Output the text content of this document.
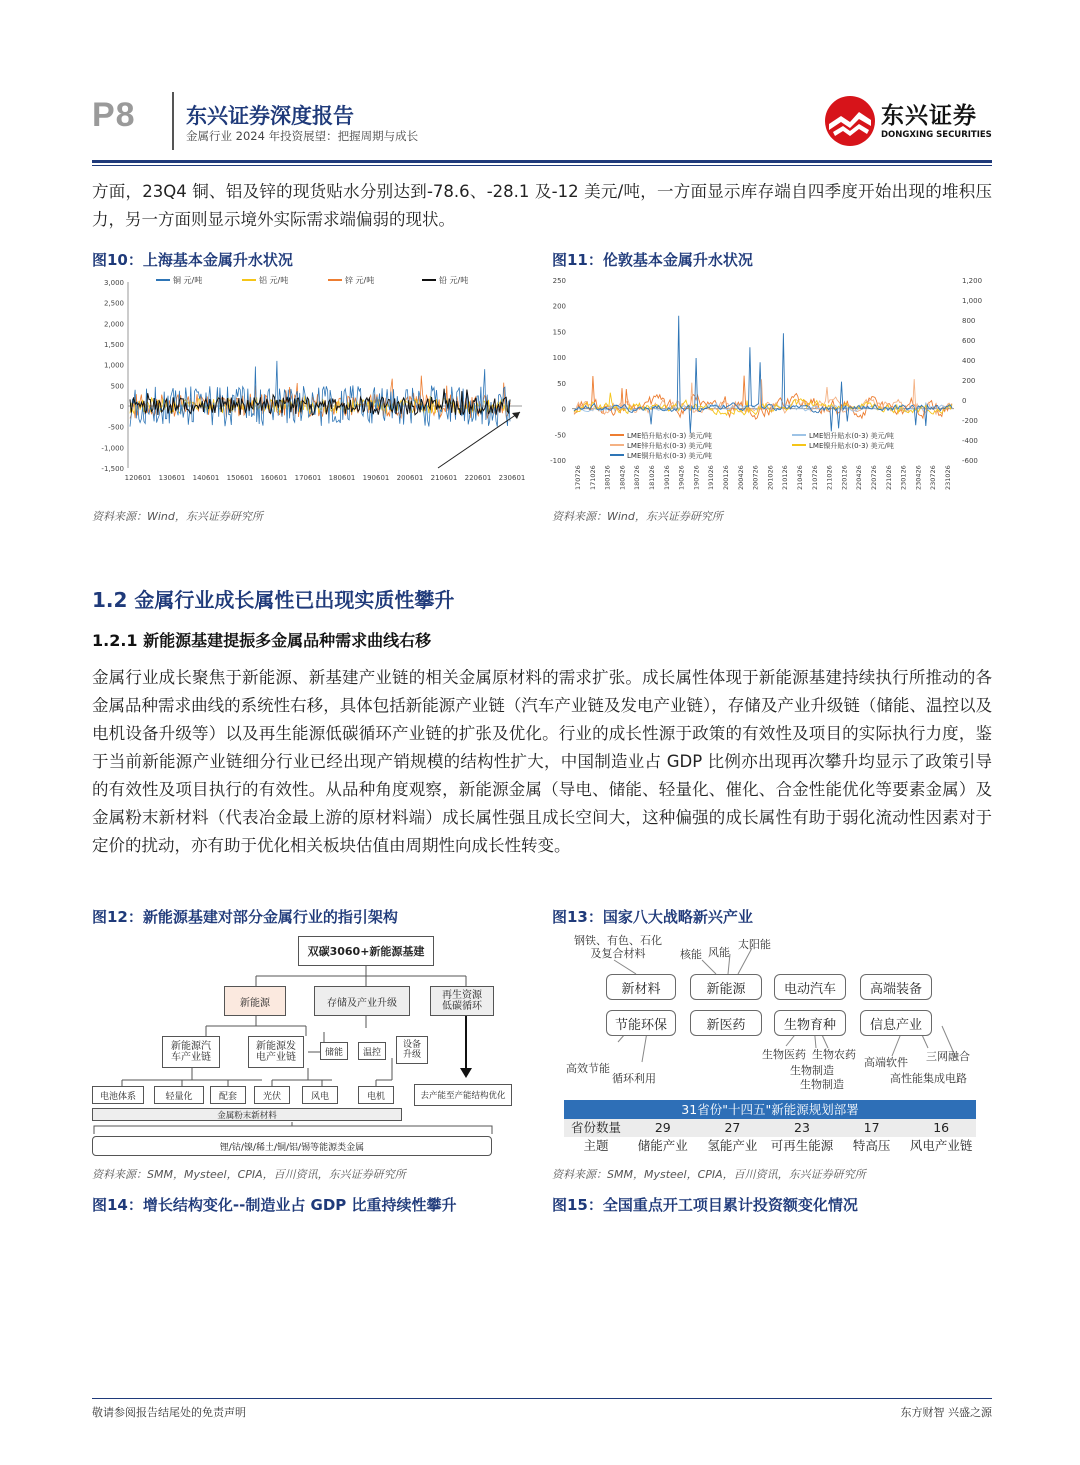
P8 东兴证券深度报告
金属行业 2024 年投资展望：把握周期与成长
东兴证券
DONGXING SECURITIES
方面，23Q4 铜、铝及锌的现货贴水分别达到-78.6、-28.1 及-12 美元/吨，一方面显示库存端自四季度开始出现的堆积压力，另一方面则显示境外实际需求端偏弱的现状。
图10：上海基本金属升水状况
3,000
2,500
2,000
1,500
1,000
500
0
-500
-1,000
-1,500
120601 130601 140601 150601 160601 170601 180601 190601 200601 210601 220601 230601
铜 元/吨	铝 元/吨	锌 元/吨	铅 元/吨
资料来源：Wind，东兴证券研究所
图11：伦敦基本金属升水状况
250
200
150
100
50
0
-50
-100
1,200
1,000
800
600
400
200
0
-200
-400
-600
170726 171026 180126 180426 180726 181026 190126 190426 190726 191026 200126 200426 200726 201026 210126 210426 210726 211026 220126 220426 220726 221026 230126 230426 230726 231026
LME铅升贴水(0-3) 美元/吨	LME铝升贴水(0-3) 美元/吨
LME锌升贴水(0-3) 美元/吨	LME镍升贴水(0-3) 美元/吨
LME铜升贴水(0-3) 美元/吨
资料来源：Wind，东兴证券研究所
1.2 金属行业成长属性已出现实质性攀升
1.2.1 新能源基建提振多金属品种需求曲线右移
金属行业成长聚焦于新能源、新基建产业链的相关金属原材料的需求扩张。成长属性体现于新能源基建持续执行所推动的各金属品种需求曲线的系统性右移，具体包括新能源产业链（汽车产业链及发电产业链），存储及产业升级链（储能、温控以及电机设备升级等）以及再生能源低碳循环产业链的扩张及优化。行业的成长性源于政策的有效性及项目的实际执行力度，鉴于当前新能源产业链细分行业已经出现产销规模的结构性扩大，中国制造业占 GDP 比例亦出现再次攀升均显示了政策引导的有效性及项目执行的有效性。从品种角度观察，新能源金属（导电、储能、轻量化、催化、合金性能优化等要素金属）及金属粉末新材料（代表冶金最上游的原材料端）成长属性强且成长空间大，这种偏强的成长属性有助于弱化流动性因素对于定价的扰动，亦有助于优化相关板块估值由周期性向成长性转变。
图12：新能源基建对部分金属行业的指引架构
双碳3060+新能源基建
新能源	存储及产业升级
再生资源
低碳循环
新能源汽
车产业链
新能源发
电产业链	储能	温控
设备
升级
电池体系	轻量化	配套	光伏	风电	电机	去产能至产能结构优化
金属粉末新材料
锂/钴/镍/稀土/铜/铝/锡等能源类金属
资料来源：SMM，Mysteel，CPIA，百川资讯，东兴证券研究所
图13：国家八大战略新兴产业
钢铁、有色、石化
及复合材料	核能 风能
太阳能
新材料	新能源	电动汽车	高端装备
节能环保	新医药	生物育种	信息产业
高效节能
循环利用
生物医药 生物农药
生物制造
生物制造
高端软件 三网融合
高性能集成电路
31省份"十四五"新能源规划部署
省份数量	29	27	23	17	16
主题	储能产业	氢能产业	可再生能源	特高压	风电产业链
资料来源：SMM，Mysteel，CPIA，百川资讯，东兴证券研究所
图14：增长结构变化--制造业占 GDP 比重持续性攀升	图15：全国重点开工项目累计投资额变化情况
敬请参阅报告结尾处的免责声明	东方财智 兴盛之源
